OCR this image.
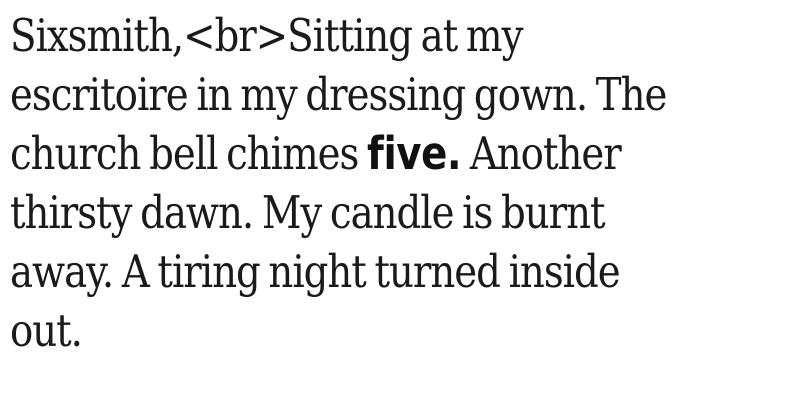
Sixsmith,<br>Sitting at my escritoire in my dressing gown. The church bell chimes five. Another thirsty dawn. My candle is burnt away. A tiring night turned inside out.
